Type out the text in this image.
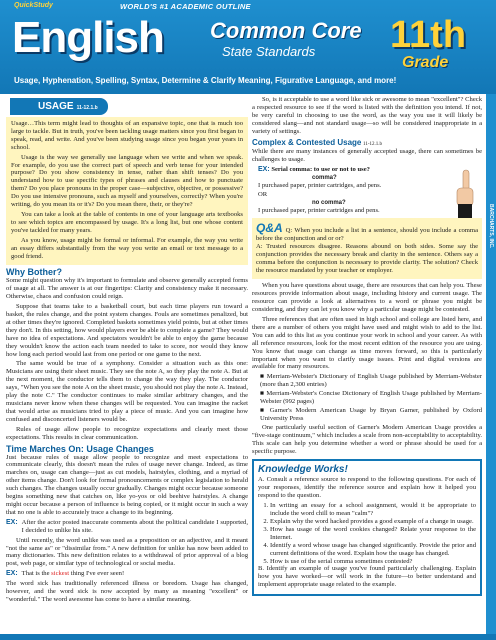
QuickStudy	WORLD'S #1 ACADEMIC OUTLINE
English Common Core
State Standards 11th
Grade
Usage, Hyphenation, Spelling, Syntax, Determine & Clarify Meaning, Figurative Language, and more!
USAGE 11-12.1.b

Usage…This term might lead to thoughts of an expansive topic, one that is much too large to tackle. But in truth, you've been tackling usage matters since you first began to speak, read, and write. And you've been studying usage since you began your years in school.

Usage is the way we generally use language when we write and when we speak. For example, do you use the correct part of speech and verb tense for your intended purpose? Do you show consistency in tense, rather than shift tenses? Do you understand how to use specific types of phrases and clauses and how to punctuate them? Do you place pronouns in the proper case—subjective, objective, or possessive? Do you use intensive pronouns, such as myself and yourselves, correctly? When you're writing, do you mean its or it's? Do you mean there, their, or they're?

You can take a look at the table of contents in one of your language arts textbooks to see which topics are encompassed by usage. It's a long list, but one whose content you've tackled for many years.

As you know, usage might be formal or informal. For example, the way you write an essay differs substantially from the way you write an email or text message to a good friend.

Why Bother?

Some might question why it's important to formulate and observe generally accepted forms of usage at all. The answer is at our fingertips: Clarity and consistency make it necessary. Otherwise, chaos and confusion could reign.

Suppose that teams take to a basketball court, but each time players run toward a basket, the rules change, and the point system changes. Fouls are sometimes penalized, but at other times they're ignored. Completed baskets sometimes yield points, but at other times they don't. In this setting, how would players ever be able to complete a game? They would have no idea of expectations. And spectators wouldn't be able to enjoy the game because they wouldn't know the action each team needed to take to score, nor would they know how long each period would last from one period or one game to the next.

The same would be true of a symphony. Consider a situation such as this one: Musicians are using their sheet music. They see the note A, so they play the note A. But at the next moment, the conductor tells them to change the way they play. The conductor says, "When you see the note A on the sheet music, you should not play the note A. Instead, play the note C." The conductor continues to make similar arbitrary changes, and the musicians never know when these changes will be requested. You can imagine the racket that would arise as musicians tried to play a piece of music. And you can imagine how confused and disconcerted listeners would be.

Rules of usage allow people to recognize expectations and clearly meet those expectations. This results in clear communication.

Time Marches On: Usage Changes

Just because rules of usage allow people to recognize and meet expectations to communicate clearly, this doesn't mean the rules of usage never change. Indeed, as time marches on, usage can change—just as cut models, hairstyles, clothing, and a myriad of other items change. Don't look for formal pronouncements or complex legislation to herald such changes. The changes usually occur gradually. Changes might occur because someone begins something new that catches on, like yo-yos or old beehive hairstyles. A change might occur because a person of influence is being copied, or it might occur in such a way that no one is able to accurately trace a change to its beginning.

EX: After the actor posted inaccurate comments about the political candidate I supported, I decided to unlike his site.

Until recently, the word unlike was used as a preposition or an adjective, and it meant "not the same as" or "dissimilar from." A new definition for unlike has now been added to many dictionaries. This new definition relates to a withdrawal of prior approval of a blog post, web page, or similar type of technological or social media.

EX: That is the sickest thing I've ever seen!

The word sick has traditionally referenced illness or boredom. Usage has changed, however, and the word sick is now accepted by many as meaning "excellent" or "wonderful." The word awesome has come to have a similar meaning.

So, is it acceptable to use a word like sick or awesome to mean "excellent"? Check a respected resource to see if the word is listed with the definition you intend. If not, be very careful in choosing to use the word, as the way you use it will likely be considered slang—and not standard usage—so will be considered inappropriate in a variety of settings.

Complex & Contested Usage 11-12.1.b

While there are many instances of generally accepted usage, there can sometimes be challenges to usage.

EX: Serial comma: to use or not to use?
comma?
I purchased paper, printer cartridges, and pens.
OR
no comma?
I purchased paper, printer cartridges and pens.
Q&A Q: When you include a list in a sentence, should you include a comma before the conjunction and or or?

A: Trusted resources disagree. Reasons abound on both sides. Some say the conjunction provides the necessary break and clarity in the sentence. Others say a comma before the conjunction is necessary to provide clarity. The solution? Check the resource mandated by your teacher or employer.

When you have questions about usage, there are resources that can help you. These resources provide information about usage, including history and current usage. The resource can provide a look at alternatives to a word or phrase you might be considering, and they can let you know why a particular usage might be contested.

Three references that are often used in high school and college are listed here, and there are a number of others you might have used and might wish to add to the list. You can add to this list as you continue your work in school and your career. As with all reference resources, look for the most recent edition of the resource you are using. You know that usage can change as time moves forward, so this is particularly important when you want to clarify usage issues. Print and digital versions are available for many resources.

■ Merriam-Webster's Dictionary of English Usage published by Merriam-Webster (more than 2,300 entries)
■ Merriam-Webster's Concise Dictionary of English Usage published by Merriam-Webster (992 pages)
■ Garner's Modern American Usage by Bryan Garner, published by Oxford University Press

One particularly useful section of Garner's Modern American Usage provides a "five-stage continuum," which includes a scale from non-acceptability to acceptability. This scale can help you determine whether a word or phrase should be used for a specific purpose.

Knowledge Works!

A. Consult a reference source to respond to the following questions. For each of your responses, identify the reference source and explain how it helped you respond to the question.

1. In writing an essay for a school assignment, would it be appropriate to include the word chill to mean "calm"?
2. Explain why the word hacked provides a good example of a change in usage.
3. How has usage of the word cookies changed? Relate your response to the Internet.
4. Identify a word whose usage has changed significantly. Provide the prior and current definitions of the word. Explain how the usage has changed.
5. How is use of the serial comma sometimes contested?

B. Identify an example of usage you've found particularly challenging. Explain how you have worked—or will work in the future—to better understand and implement appropriate usage related to the example.

BARCHARTS, INC.
